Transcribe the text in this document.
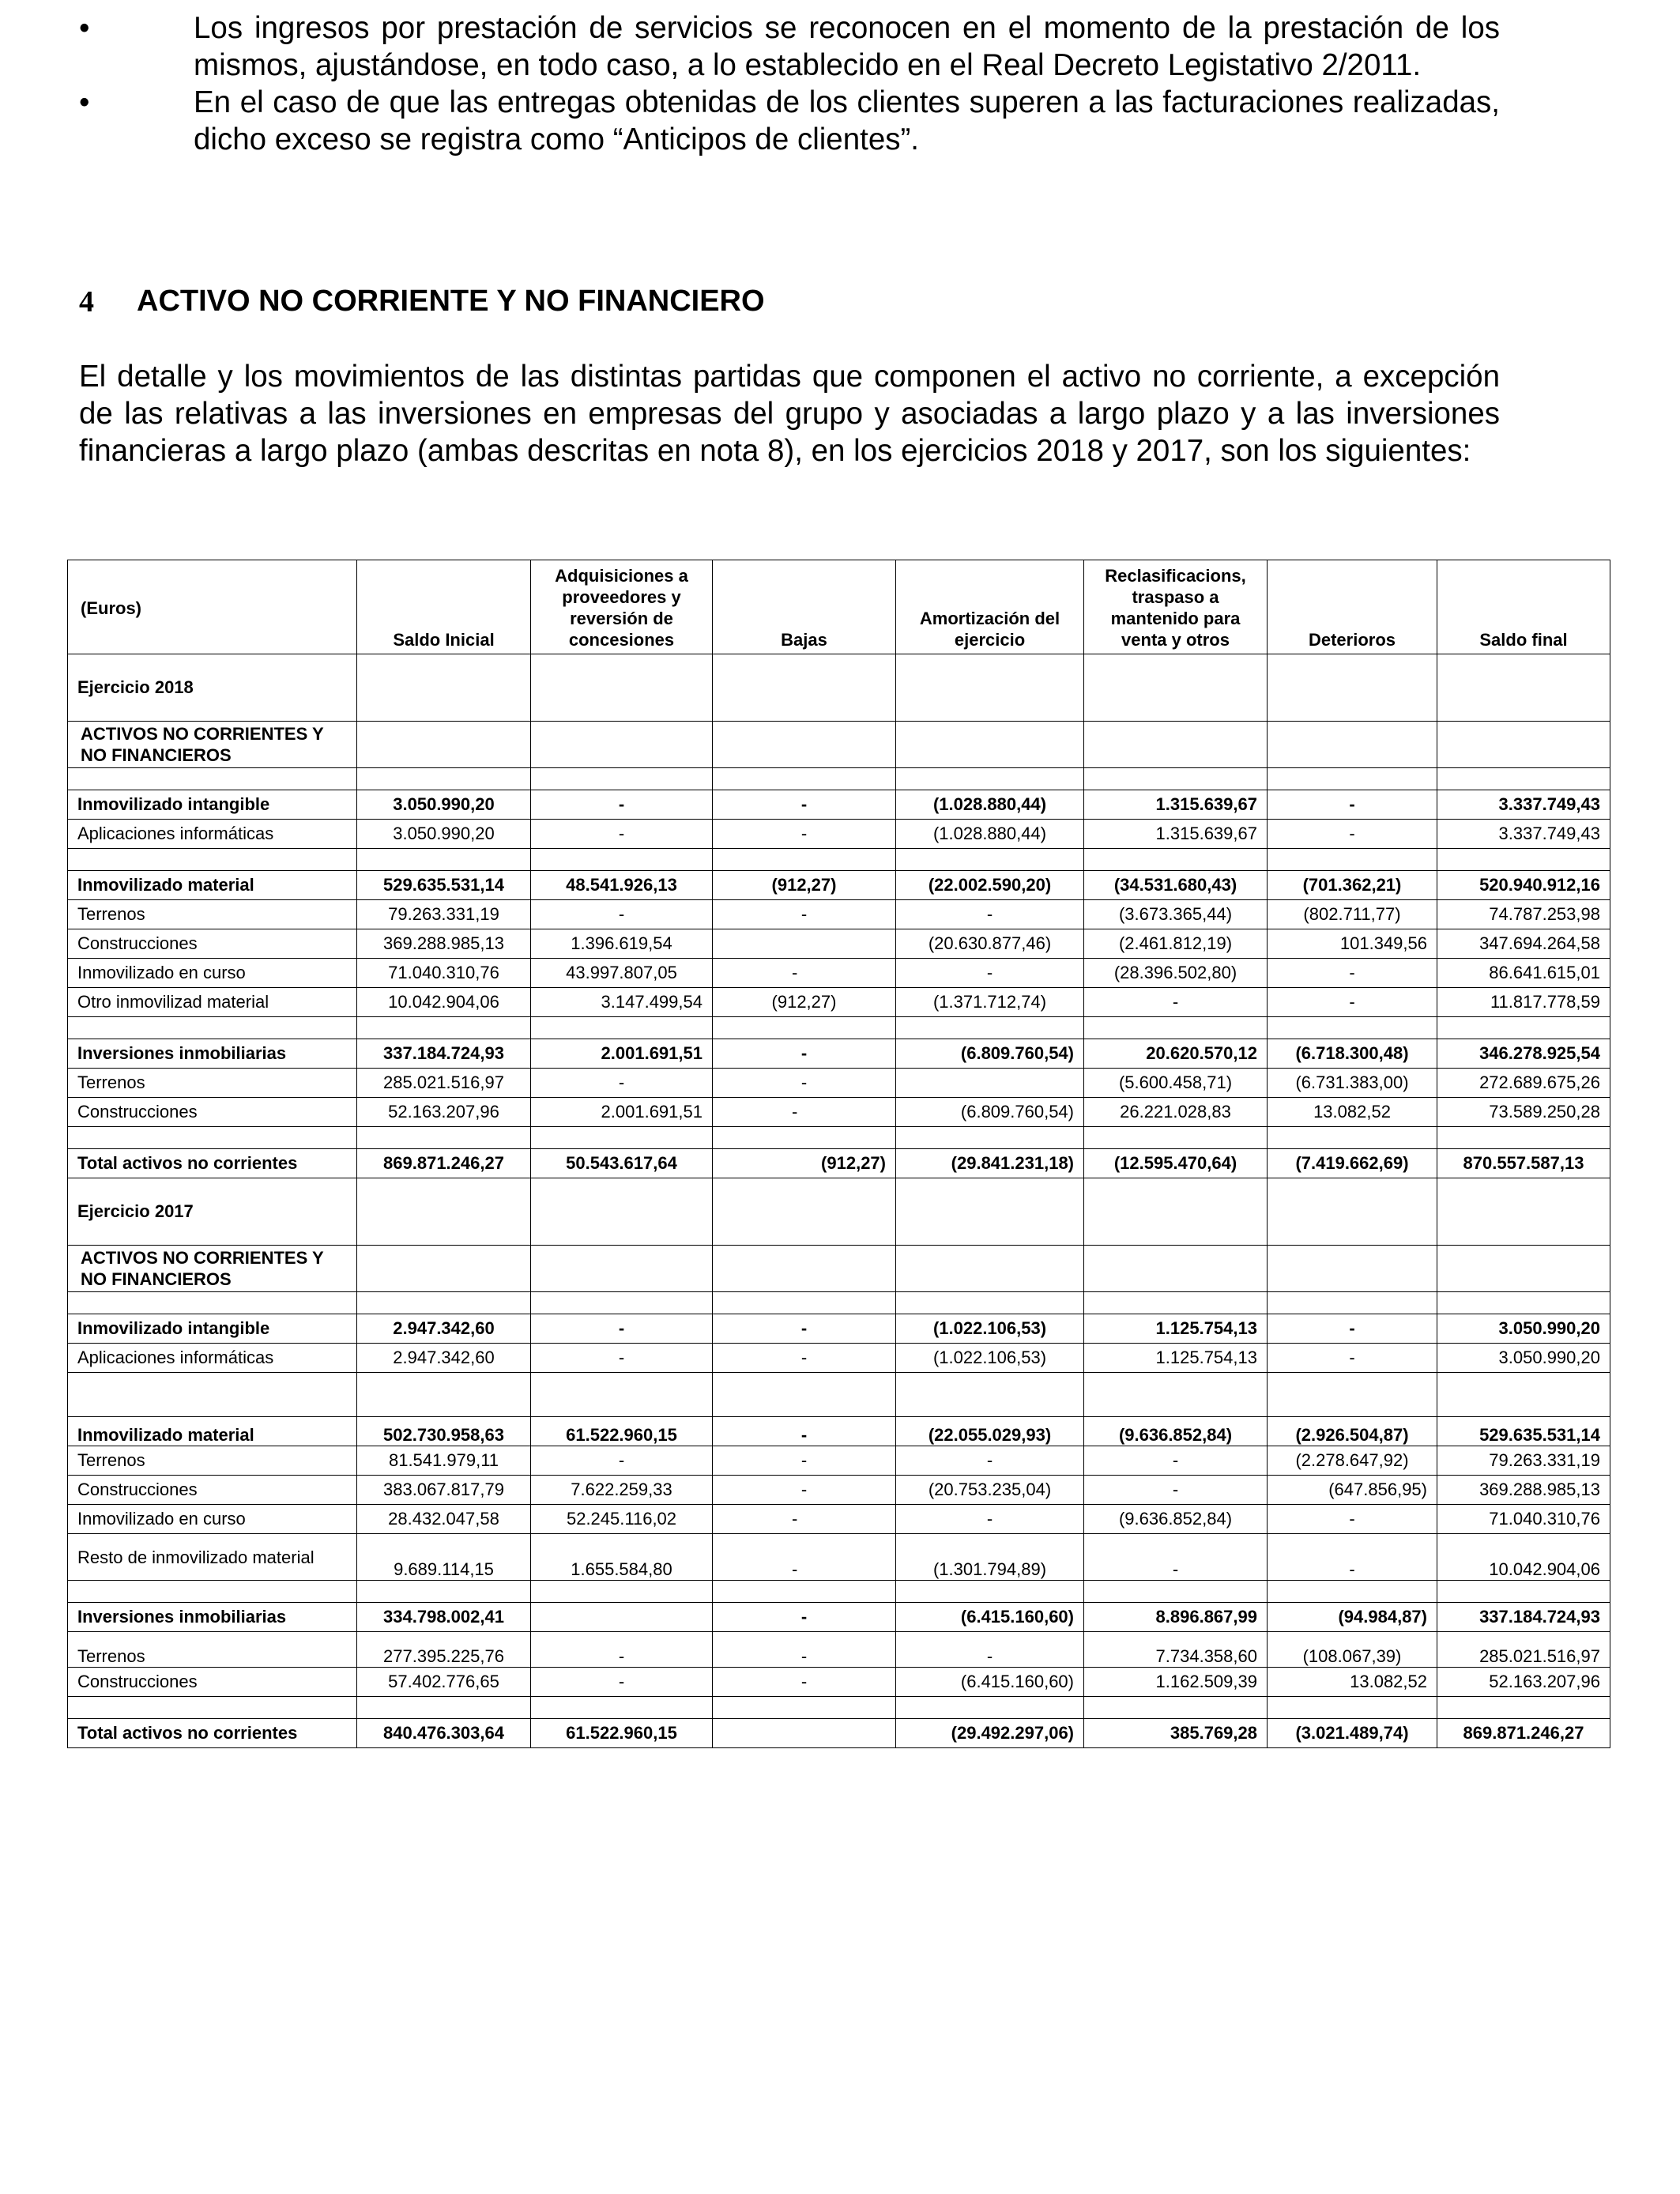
•	Los ingresos por prestación de servicios se reconocen en el momento de la prestación de los mismos, ajustándose, en todo caso, a lo establecido en el Real Decreto Legistativo 2/2011.
•	En el caso de que las entregas obtenidas de los clientes superen a las facturaciones realizadas, dicho exceso se registra como “Anticipos de clientes”.
4	ACTIVO NO CORRIENTE Y NO FINANCIERO
El detalle y los movimientos de las distintas partidas que componen el activo no corriente, a excepción de las relativas a las inversiones en empresas del grupo y asociadas a largo plazo y a las inversiones financieras a largo plazo (ambas descritas en nota 8), en los ejercicios 2018 y 2017, son los siguientes:
(Euros)	Saldo Inicial	Adquisiciones a proveedores y reversión de concesiones	Bajas	Amortización del ejercicio	Reclasificacions, traspaso a mantenido para venta y otros	Deterioros	Saldo final
Ejercicio 2018							
ACTIVOS NO CORRIENTES Y NO FINANCIEROS							

Inmovilizado intangible	3.050.990,20	-	-	(1.028.880,44)	1.315.639,67	-	3.337.749,43
Aplicaciones informáticas	3.050.990,20	-	-	(1.028.880,44)	1.315.639,67	-	3.337.749,43

Inmovilizado material	529.635.531,14	48.541.926,13	(912,27)	(22.002.590,20)	(34.531.680,43)	(701.362,21)	520.940.912,16
Terrenos	79.263.331,19	-	-	-	(3.673.365,44)	(802.711,77)	74.787.253,98
Construcciones	369.288.985,13	1.396.619,54		(20.630.877,46)	(2.461.812,19)	101.349,56	347.694.264,58
Inmovilizado en curso	71.040.310,76	43.997.807,05	-	-	(28.396.502,80)	-	86.641.615,01
Otro inmovilizad material	10.042.904,06	3.147.499,54	(912,27)	(1.371.712,74)	-	-	11.817.778,59

Inversiones inmobiliarias	337.184.724,93	2.001.691,51	-	(6.809.760,54)	20.620.570,12	(6.718.300,48)	346.278.925,54
Terrenos	285.021.516,97	-	-		(5.600.458,71)	(6.731.383,00)	272.689.675,26
Construcciones	52.163.207,96	2.001.691,51	-	(6.809.760,54)	26.221.028,83	13.082,52	73.589.250,28

Total activos no corrientes	869.871.246,27	50.543.617,64	(912,27)	(29.841.231,18)	(12.595.470,64)	(7.419.662,69)	870.557.587,13
Ejercicio 2017							
ACTIVOS NO CORRIENTES Y NO FINANCIEROS							

Inmovilizado intangible	2.947.342,60	-	-	(1.022.106,53)	1.125.754,13	-	3.050.990,20
Aplicaciones informáticas	2.947.342,60	-	-	(1.022.106,53)	1.125.754,13	-	3.050.990,20

Inmovilizado material	502.730.958,63	61.522.960,15	-	(22.055.029,93)	(9.636.852,84)	(2.926.504,87)	529.635.531,14
Terrenos	81.541.979,11	-	-	-	-	(2.278.647,92)	79.263.331,19
Construcciones	383.067.817,79	7.622.259,33	-	(20.753.235,04)	-	(647.856,95)	369.288.985,13
Inmovilizado en curso	28.432.047,58	52.245.116,02	-	-	(9.636.852,84)	-	71.040.310,76
Resto de inmovilizado material	9.689.114,15	1.655.584,80	-	(1.301.794,89)	-	-	10.042.904,06

Inversiones inmobiliarias	334.798.002,41		-	(6.415.160,60)	8.896.867,99	(94.984,87)	337.184.724,93
Terrenos	277.395.225,76	-	-	-	7.734.358,60	(108.067,39)	285.021.516,97
Construcciones	57.402.776,65	-	-	(6.415.160,60)	1.162.509,39	13.082,52	52.163.207,96

Total activos no corrientes	840.476.303,64	61.522.960,15		(29.492.297,06)	385.769,28	(3.021.489,74)	869.871.246,27
